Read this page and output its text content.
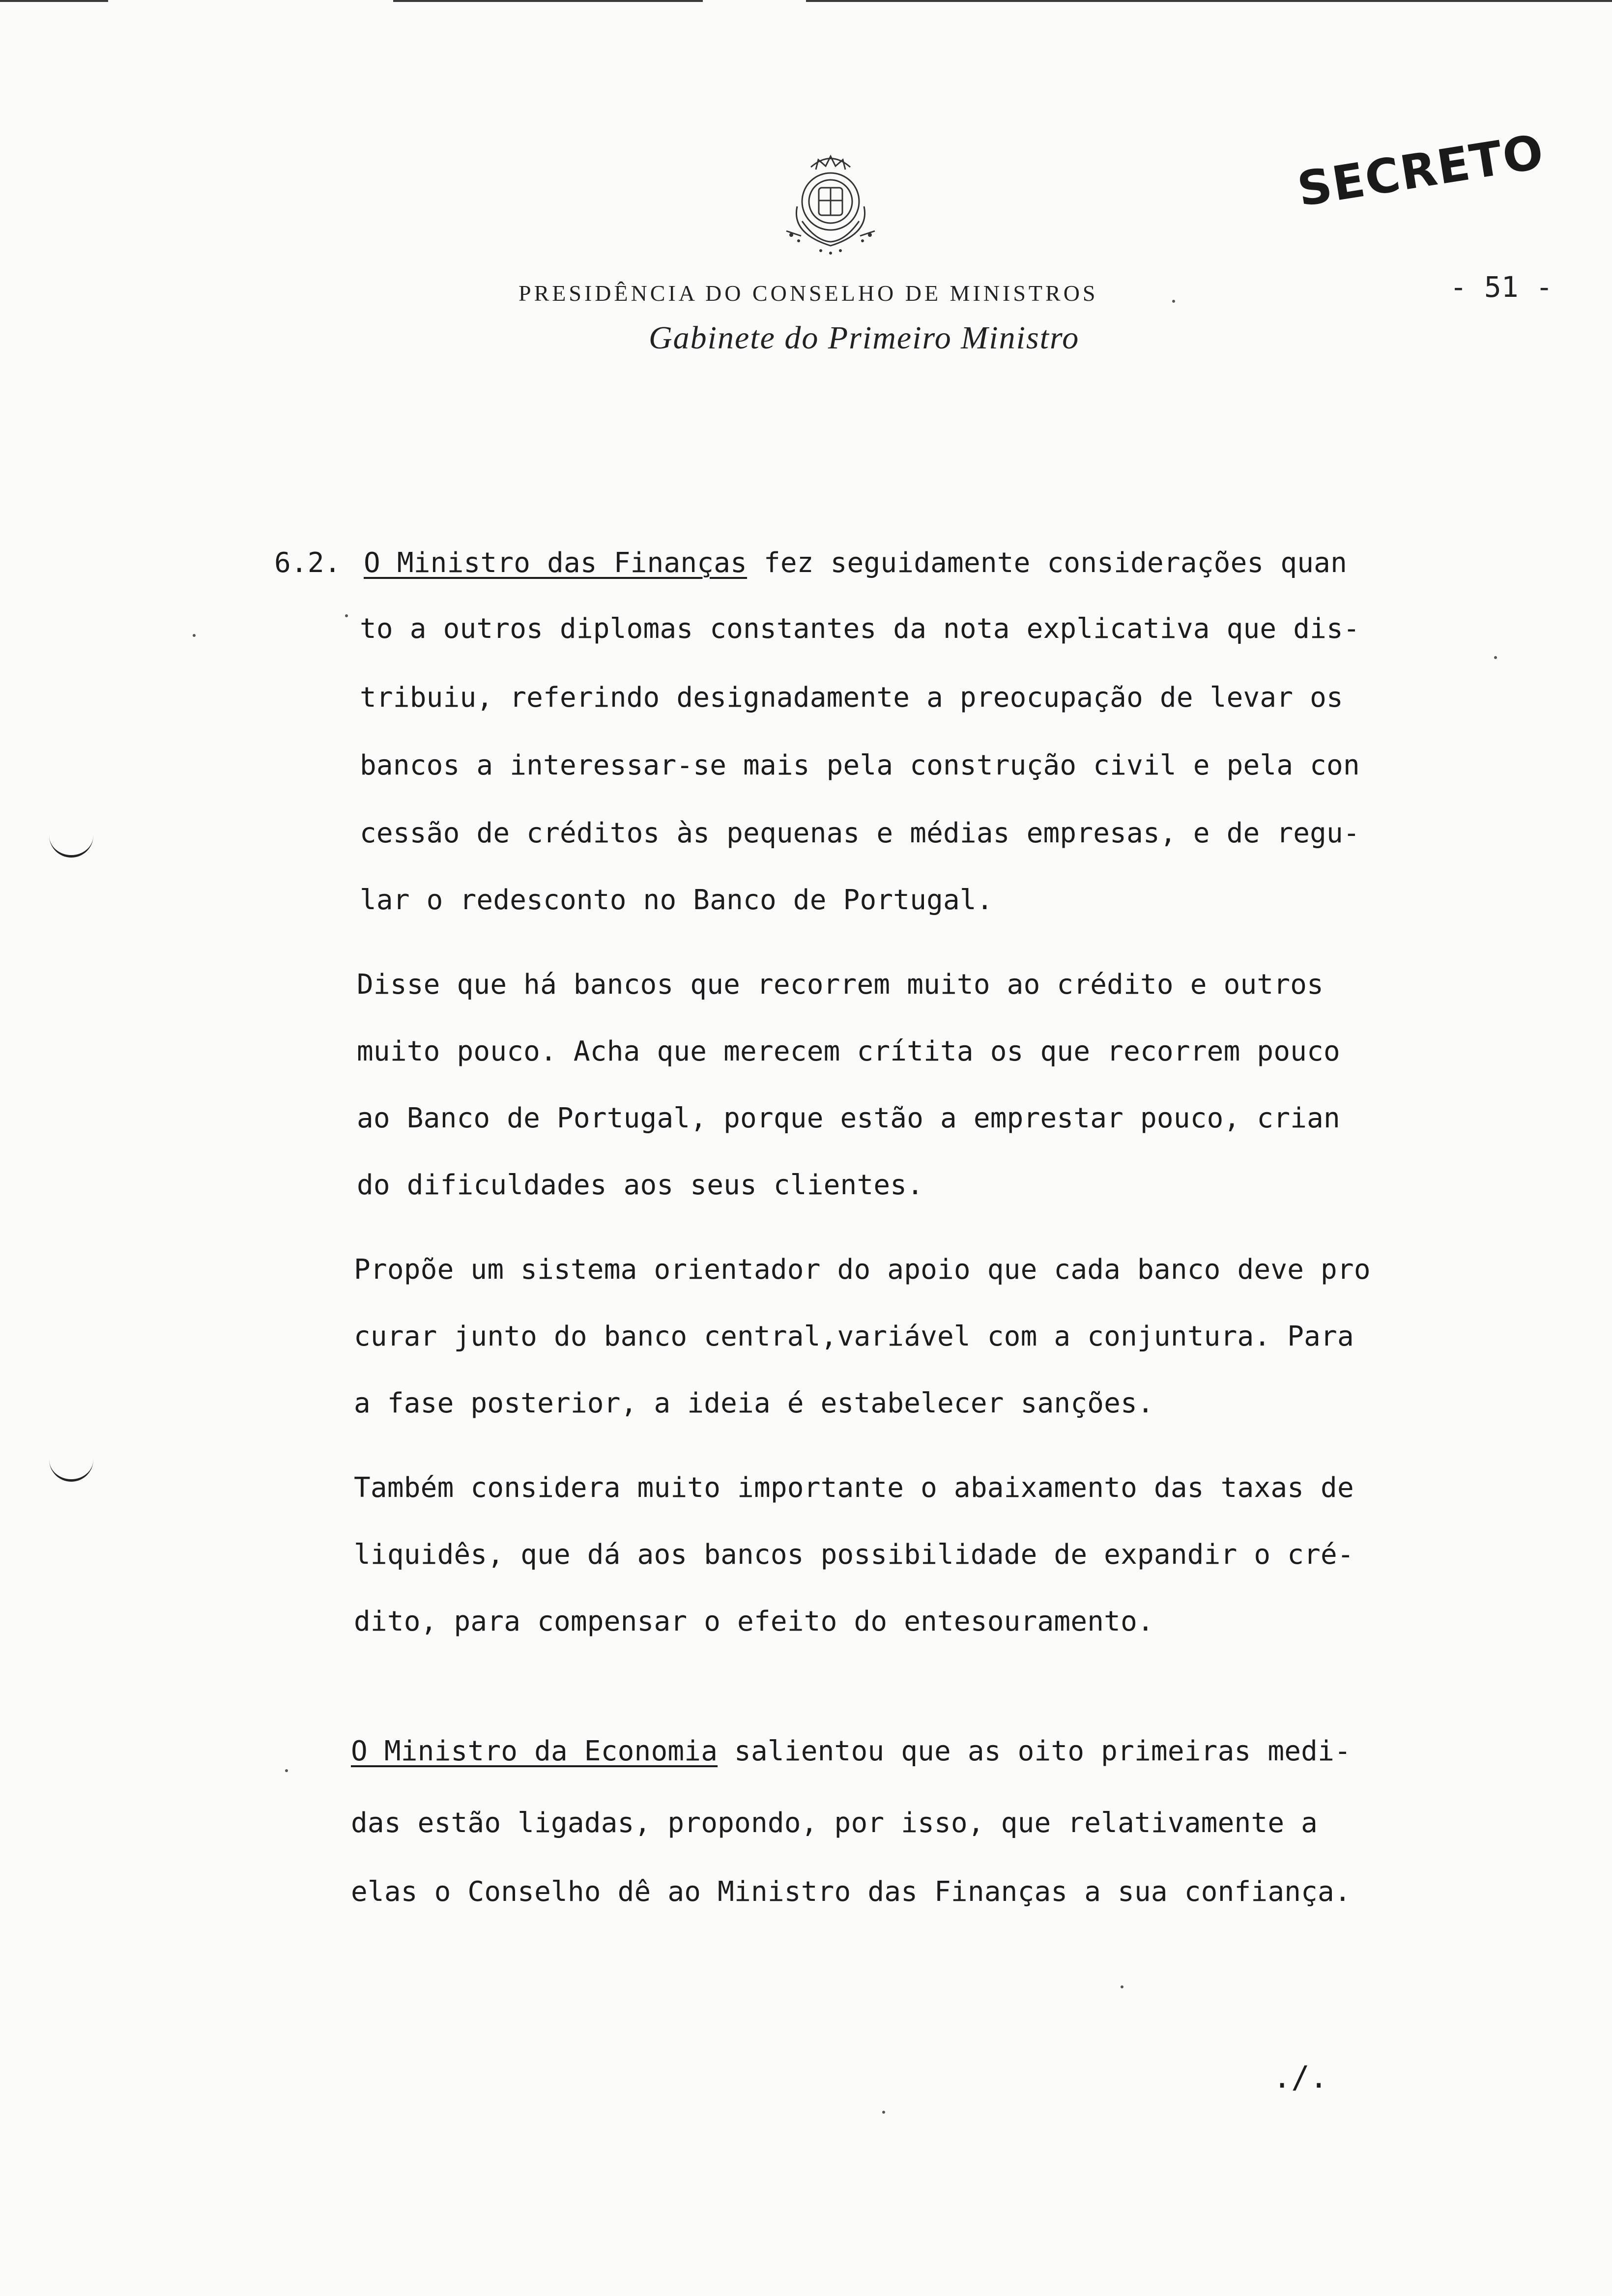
SECRETO
PRESIDÊNCIA DO CONSELHO DE MINISTROS
Gabinete do Primeiro Ministro
- 51 -
6.2. O Ministro das Finanças fez seguidamente considerações quan
to a outros diplomas constantes da nota explicativa que dis-
tribuiu, referindo designadamente a preocupação de levar os
bancos a interessar-se mais pela construção civil e pela con
cessão de créditos às pequenas e médias empresas, e de regu-
lar o redesconto no Banco de Portugal.
Disse que há bancos que recorrem muito ao crédito e outros
muito pouco. Acha que merecem crítita os que recorrem pouco
ao Banco de Portugal, porque estão a emprestar pouco, crian
do dificuldades aos seus clientes.
Propõe um sistema orientador do apoio que cada banco deve pro
curar junto do banco central,variável com a conjuntura. Para
a fase posterior, a ideia é estabelecer sanções.
Também considera muito importante o abaixamento das taxas de
liquidês, que dá aos bancos possibilidade de expandir o cré-
dito, para compensar o efeito do entesouramento.
O Ministro da Economia salientou que as oito primeiras medi-
das estão ligadas, propondo, por isso, que relativamente a
elas o Conselho dê ao Ministro das Finanças a sua confiança.
./.
